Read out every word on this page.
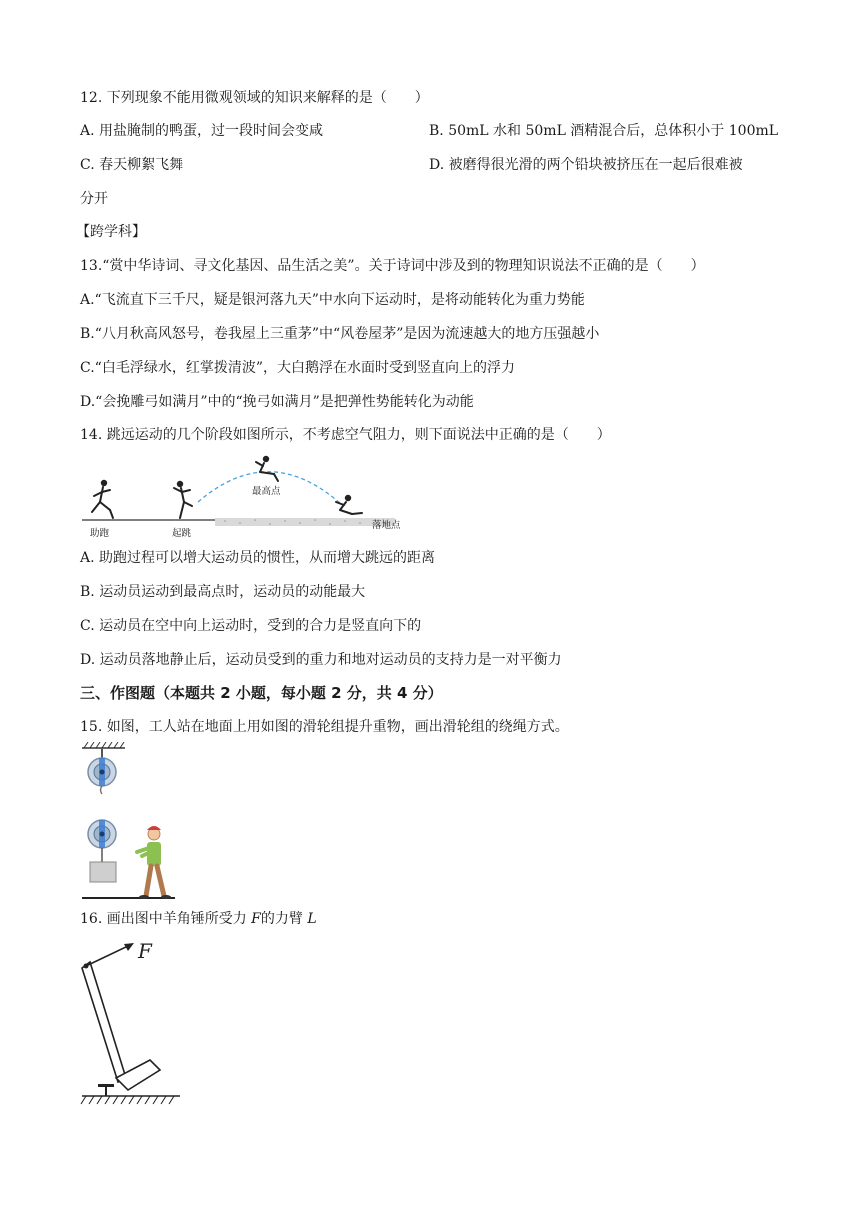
12. 下列现象不能用微观领域的知识来解释的是（　　）
A. 用盐腌制的鸭蛋，过一段时间会变咸	B. 50mL 水和 50mL 酒精混合后，总体积小于 100mL
C. 春天柳絮飞舞	D. 被磨得很光滑的两个铅块被挤压在一起后很难被
分开
【跨学科】
13.“赏中华诗词、寻文化基因、品生活之美”。关于诗词中涉及到的物理知识说法不正确的是（　　）
A.“飞流直下三千尺，疑是银河落九天”中水向下运动时，是将动能转化为重力势能
B.“八月秋高风怒号，卷我屋上三重茅”中“风卷屋茅”是因为流速越大的地方压强越小
C.“白毛浮绿水，红掌拨清波”，大白鹅浮在水面时受到竖直向上的浮力
D.“会挽雕弓如满月”中的“挽弓如满月”是把弹性势能转化为动能
14. 跳远运动的几个阶段如图所示，不考虑空气阻力，则下面说法中正确的是（　　）
助跑	起跳
最高点
落地点
A. 助跑过程可以增大运动员的惯性，从而增大跳远的距离
B. 运动员运动到最高点时，运动员的动能最大
C. 运动员在空中向上运动时，受到的合力是竖直向下的
D. 运动员落地静止后，运动员受到的重力和地对运动员的支持力是一对平衡力
三、作图题（本题共 2 小题，每小题 2 分，共 4 分）
15. 如图，工人站在地面上用如图的滑轮组提升重物，画出滑轮组的绕绳方式。
16. 画出图中羊角锤所受力 F的力臂 L
F
